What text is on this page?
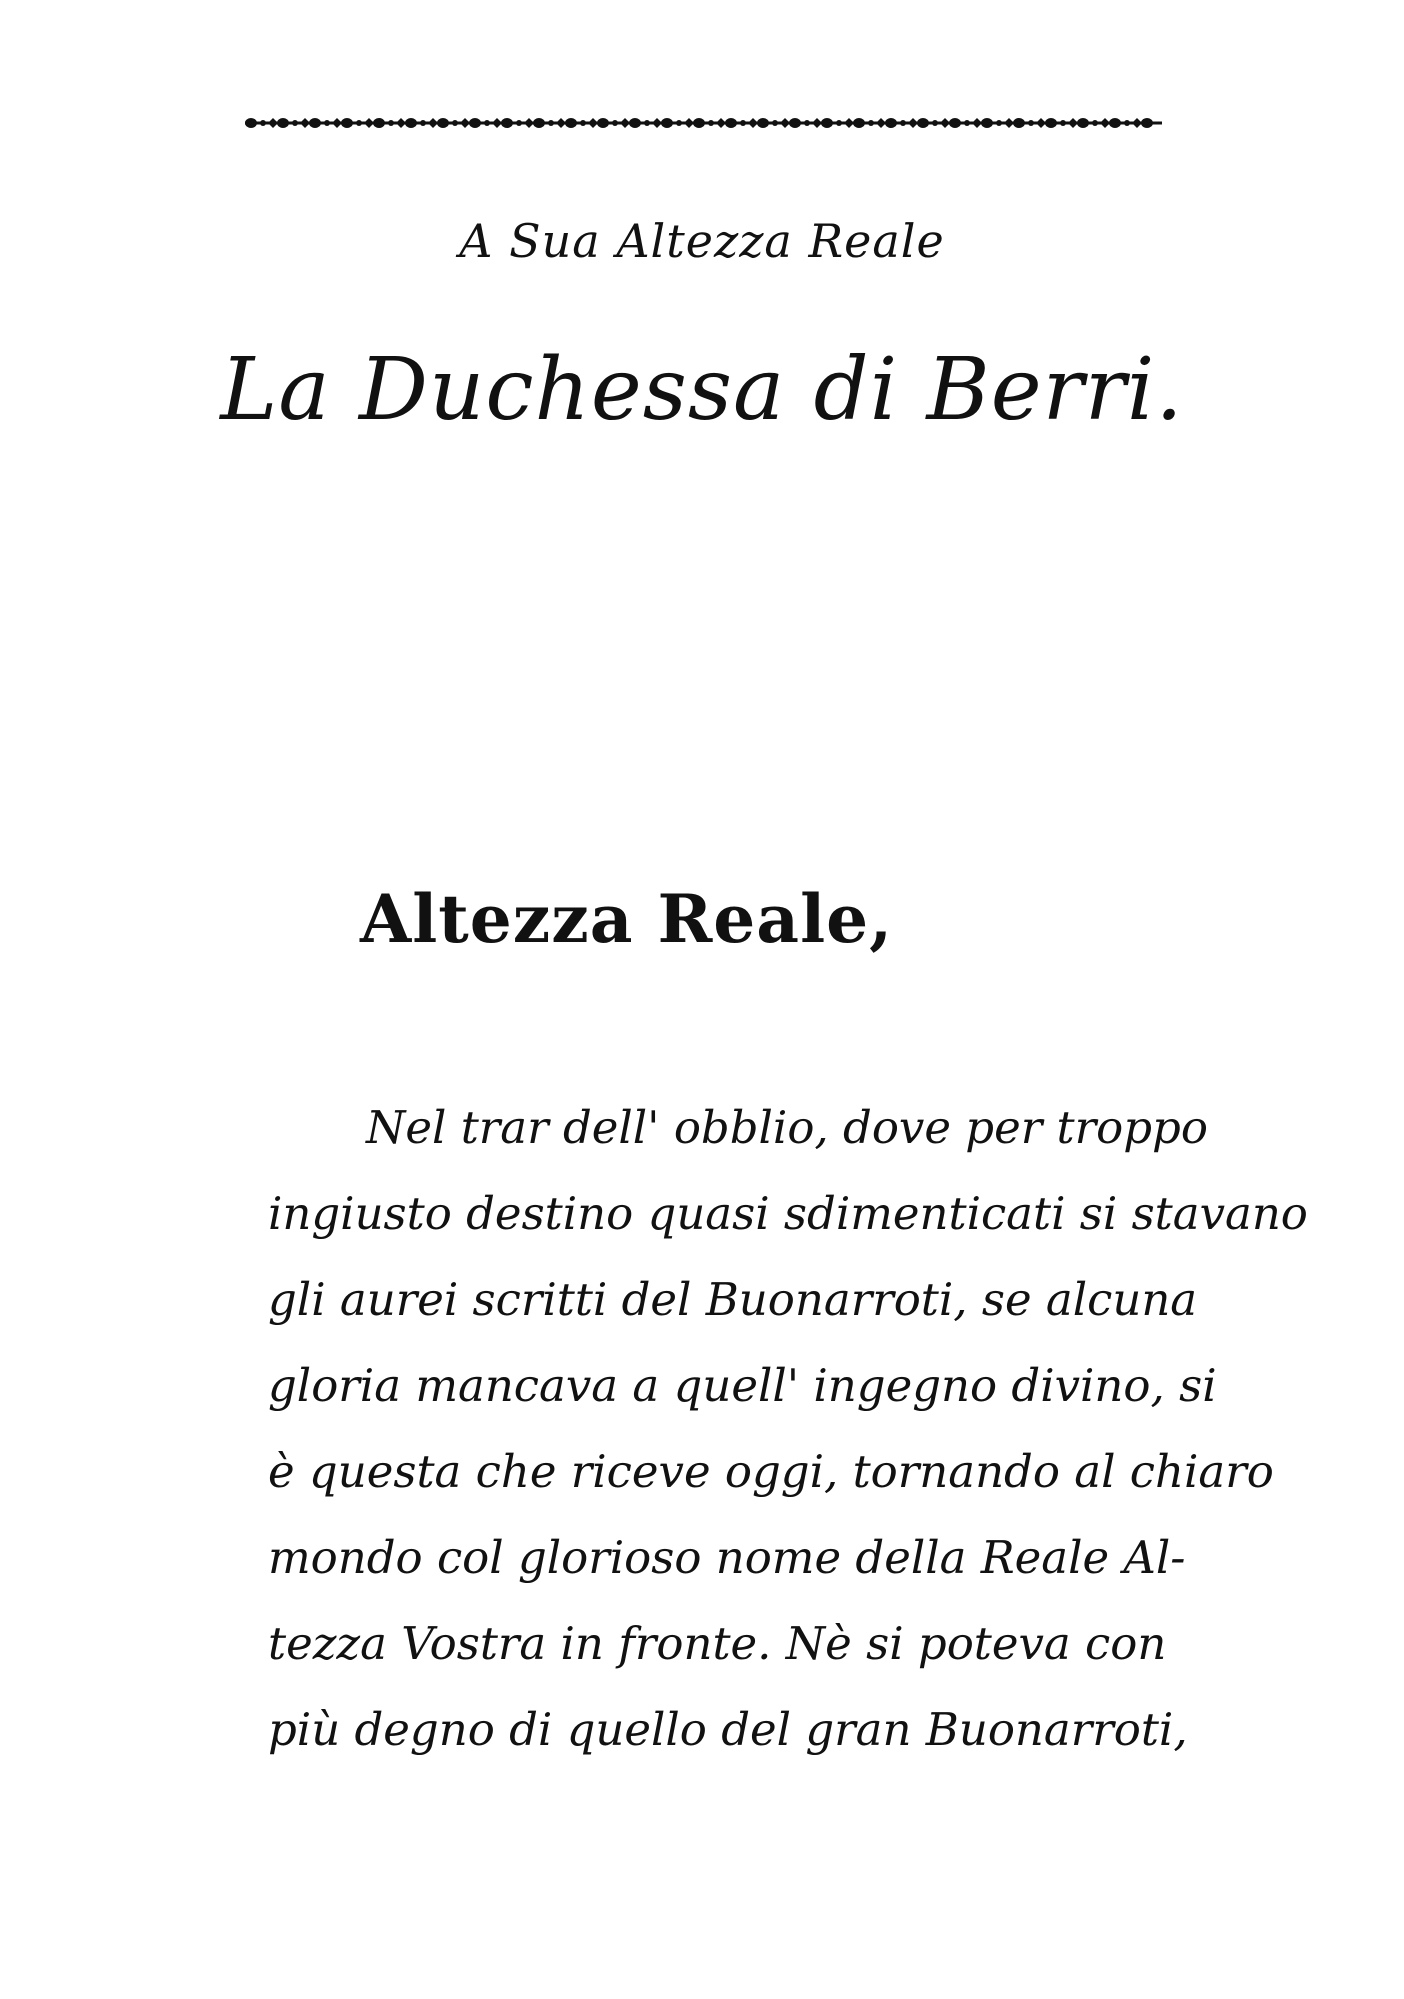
A Sua Altezza Reale
La Duchessa di Berri.
Altezza Reale,
Nel trar dell' obblio, dove per troppo
ingiusto destino quasi sdimenticati si stavano
gli aurei scritti del Buonarroti, se alcuna
gloria mancava a quell' ingegno divino, si
è questa che riceve oggi, tornando al chiaro
mondo col glorioso nome della Reale Al-
tezza Vostra in fronte. Nè si poteva con
più degno di quello del gran Buonarroti,
